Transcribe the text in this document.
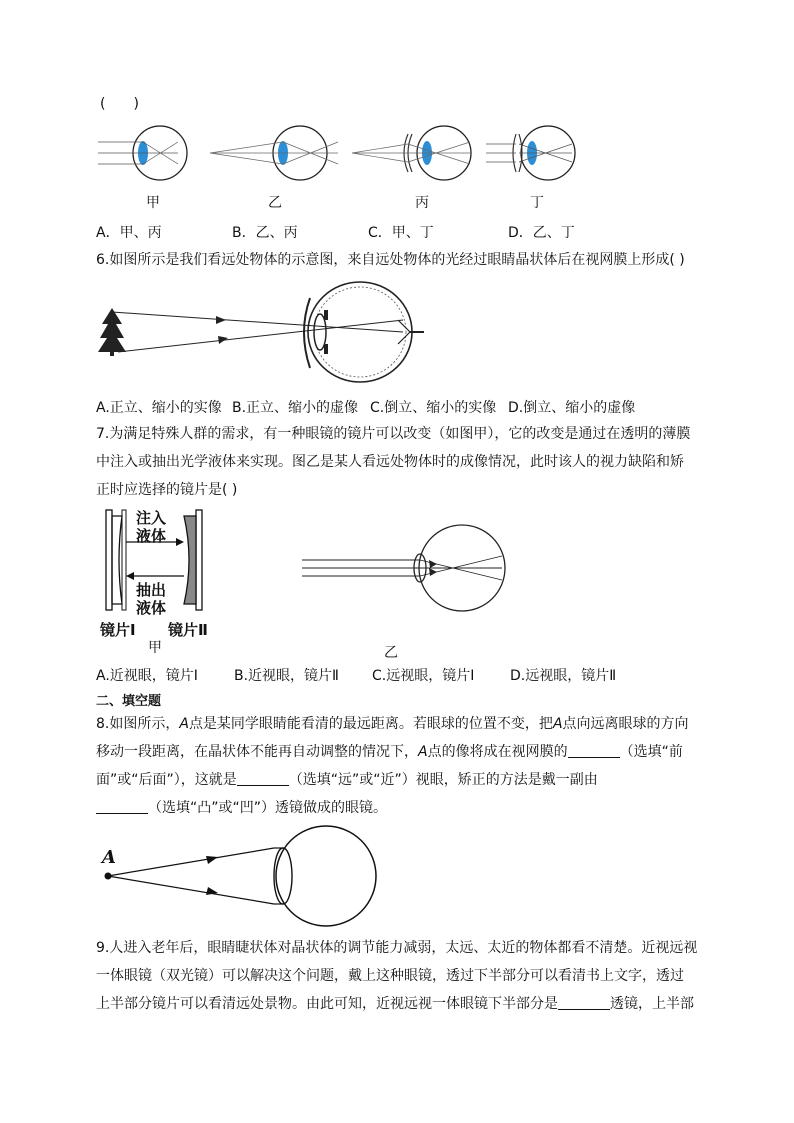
(　　)
甲	乙	丙	丁
A．甲、丙	B．乙、丙	C．甲、丁	D．乙、丁
6.如图所示是我们看远处物体的示意图，来自远处物体的光经过眼睛晶状体后在视网膜上形成( )
A.正立、缩小的实像 B.正立、缩小的虚像 C.倒立、缩小的实像 D.倒立、缩小的虚像
7.为满足特殊人群的需求，有一种眼镜的镜片可以改变（如图甲），它的改变是通过在透明的薄膜
中注入或抽出光学液体来实现。图乙是某人看远处物体时的成像情况，此时该人的视力缺陷和矫
正时应选择的镜片是( )
注入
液体
抽出
液体
镜片Ⅰ 镜片Ⅱ
甲	乙
A.近视眼，镜片Ⅰ	B.近视眼，镜片Ⅱ C.远视眼，镜片Ⅰ	D.远视眼，镜片Ⅱ
二、填空题
8.如图所示，A点是某同学眼睛能看清的最远距离。若眼球的位置不变，把A点向远离眼球的方向
移动一段距离，在晶状体不能再自动调整的情况下，A点的像将成在视网膜的	（选填“前
面”或“后面”），这就是	（选填“远”或“近”）视眼，矫正的方法是戴一副由
（选填“凸”或“凹”）透镜做成的眼镜。
A
9.人进入老年后，眼睛睫状体对晶状体的调节能力减弱，太远、太近的物体都看不清楚。近视远视
一体眼镜（双光镜）可以解决这个问题，戴上这种眼镜，透过下半部分可以看清书上文字，透过
上半部分镜片可以看清远处景物。由此可知，近视远视一体眼镜下半部分是	透镜，上半部
